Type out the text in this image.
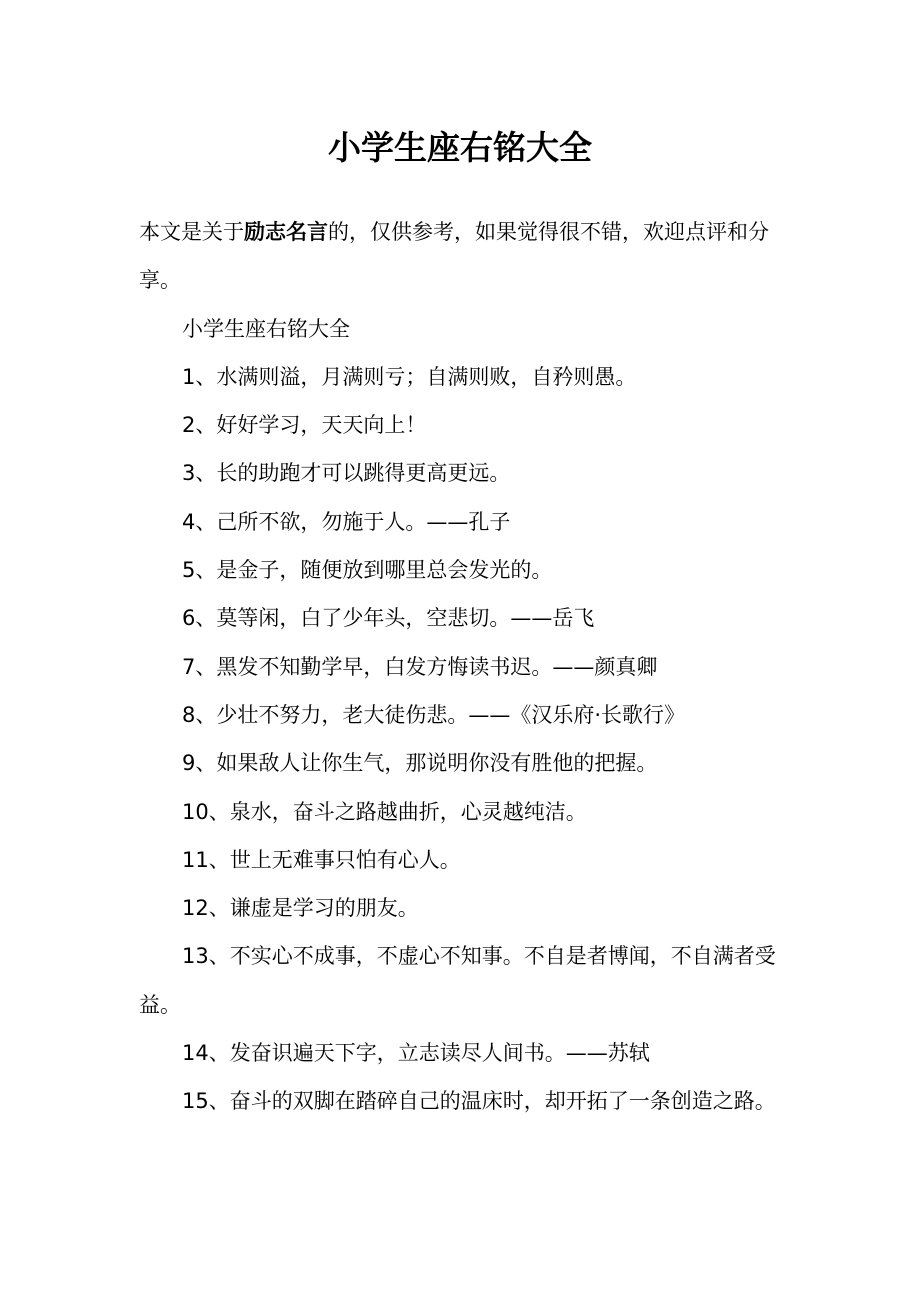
小学生座右铭大全

本文是关于励志名言的，仅供参考，如果觉得很不错，欢迎点评和分享。

小学生座右铭大全

1、水满则溢，月满则亏；自满则败，自矜则愚。

2、好好学习，天天向上！

3、长的助跑才可以跳得更高更远。

4、己所不欲，勿施于人。——孔子

5、是金子，随便放到哪里总会发光的。

6、莫等闲，白了少年头，空悲切。——岳飞

7、黑发不知勤学早，白发方悔读书迟。——颜真卿

8、少壮不努力，老大徒伤悲。——《汉乐府·长歌行》

9、如果敌人让你生气，那说明你没有胜他的把握。

10、泉水，奋斗之路越曲折，心灵越纯洁。

11、世上无难事只怕有心人。

12、谦虚是学习的朋友。

13、不实心不成事，不虚心不知事。不自是者博闻，不自满者受益。

14、发奋识遍天下字，立志读尽人间书。——苏轼

15、奋斗的双脚在踏碎自己的温床时，却开拓了一条创造之路。
